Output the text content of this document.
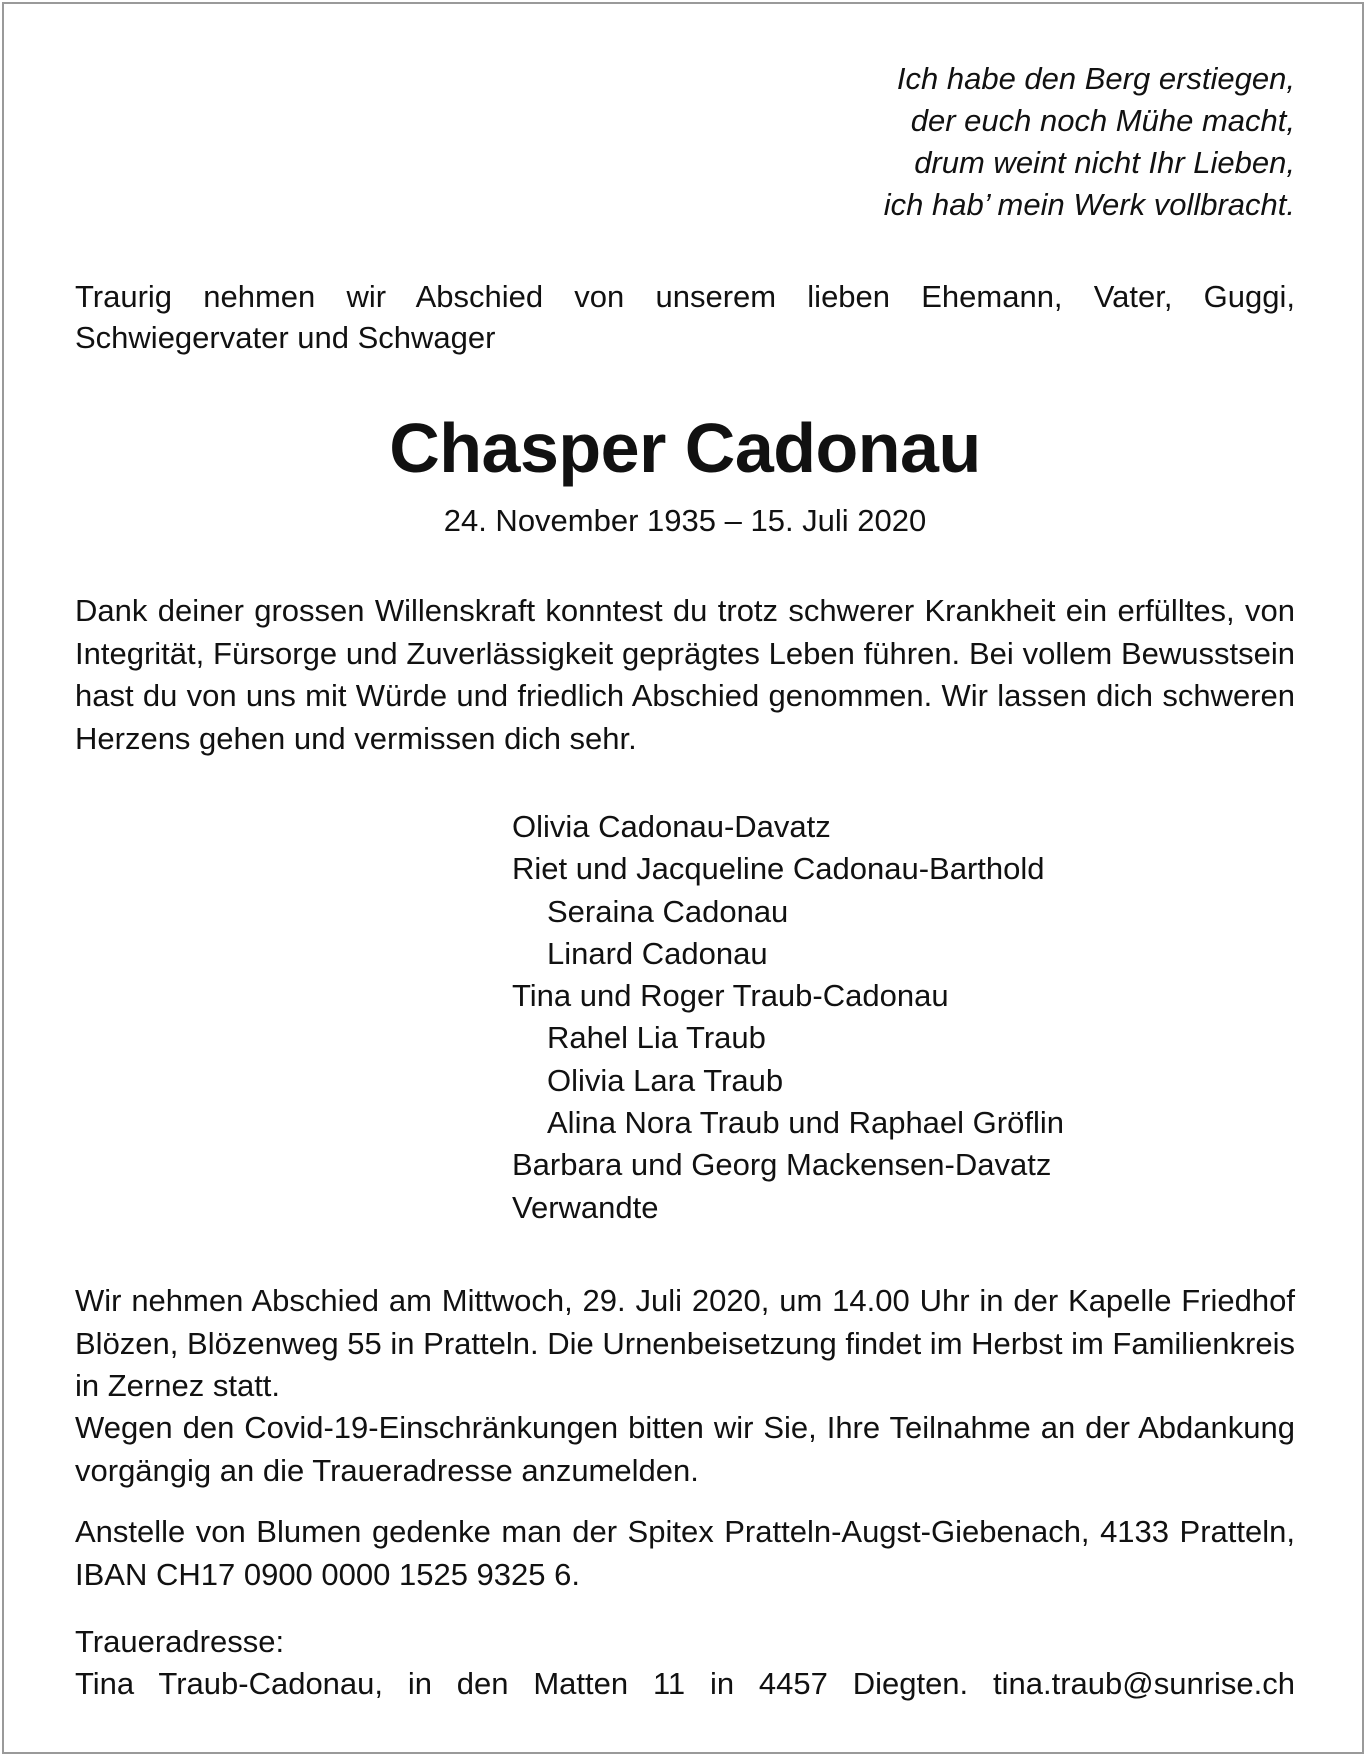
Ich habe den Berg erstiegen,
der euch noch Mühe macht,
drum weint nicht Ihr Lieben,
ich hab’ mein Werk vollbracht.
Traurig nehmen wir Abschied von unserem lieben Ehemann, Vater, Guggi, Schwiegervater und Schwager
Chasper Cadonau
24. November 1935 – 15. Juli 2020
Dank deiner grossen Willenskraft konntest du trotz schwerer Krankheit ein erfülltes, von Integrität, Fürsorge und Zuverlässigkeit geprägtes Leben führen. Bei vollem Bewusstsein hast du von uns mit Würde und friedlich Abschied genommen. Wir lassen dich schweren Herzens gehen und vermissen dich sehr.
Olivia Cadonau-Davatz
Riet und Jacqueline Cadonau-Barthold
Seraina Cadonau
Linard Cadonau
Tina und Roger Traub-Cadonau
Rahel Lia Traub
Olivia Lara Traub
Alina Nora Traub und Raphael Gröflin
Barbara und Georg Mackensen-Davatz
Verwandte
Wir nehmen Abschied am Mittwoch, 29. Juli 2020, um 14.00 Uhr in der Kapelle Friedhof Blözen, Blözenweg 55 in Pratteln. Die Urnenbeisetzung findet im Herbst im Familienkreis in Zernez statt.
Wegen den Covid-19-Einschränkungen bitten wir Sie, Ihre Teilnahme an der Abdankung vorgängig an die Traueradresse anzumelden.
Anstelle von Blumen gedenke man der Spitex Pratteln-Augst-Giebenach, 4133 Pratteln, IBAN CH17 0900 0000 1525 9325 6.
Traueradresse:
Tina Traub-Cadonau, in den Matten 11 in 4457 Diegten. tina.traub@sunrise.ch
